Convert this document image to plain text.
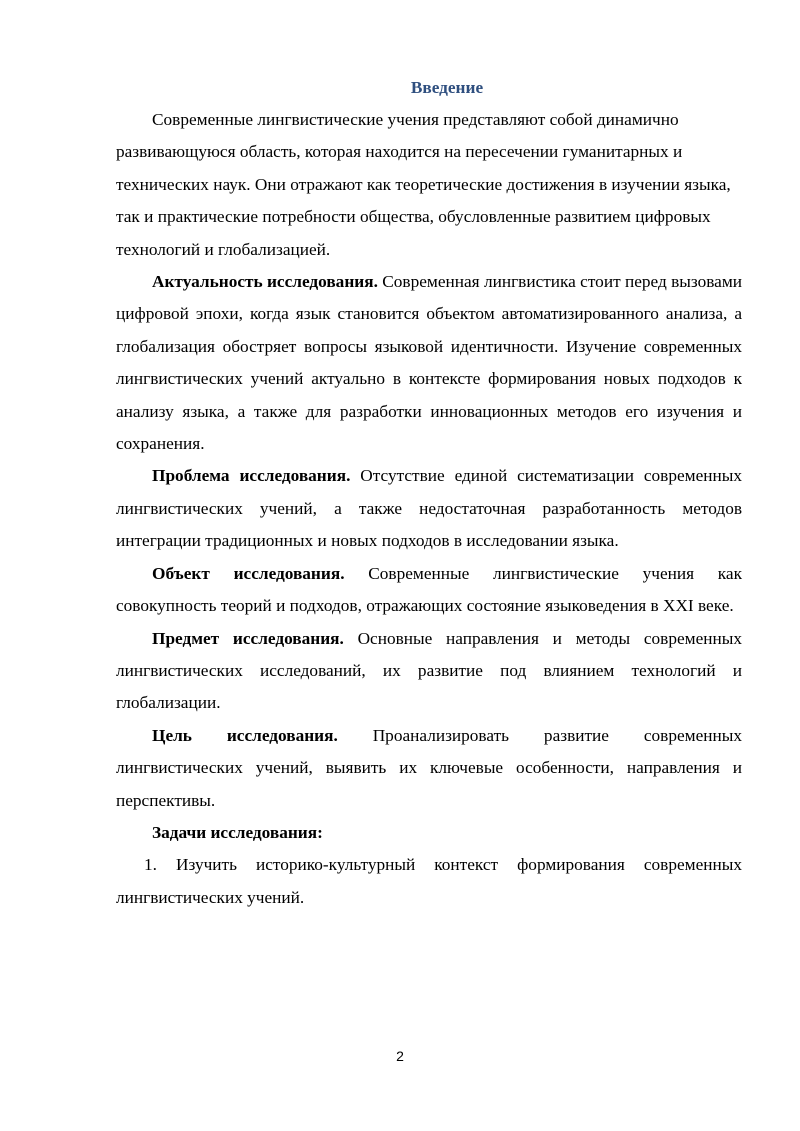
Введение

Современные лингвистические учения представляют собой динамично развивающуюся область, которая находится на пересечении гуманитарных и технических наук. Они отражают как теоретические достижения в изучении языка, так и практические потребности общества, обусловленные развитием цифровых технологий и глобализацией.

Актуальность исследования. Современная лингвистика стоит перед вызовами цифровой эпохи, когда язык становится объектом автоматизированного анализа, а глобализация обостряет вопросы языковой идентичности. Изучение современных лингвистических учений актуально в контексте формирования новых подходов к анализу языка, а также для разработки инновационных методов его изучения и сохранения.

Проблема исследования. Отсутствие единой систематизации современных лингвистических учений, а также недостаточная разработанность методов интеграции традиционных и новых подходов в исследовании языка.

Объект исследования. Современные лингвистические учения как совокупность теорий и подходов, отражающих состояние языковедения в XXI веке.

Предмет исследования. Основные направления и методы современных лингвистических исследований, их развитие под влиянием технологий и глобализации.

Цель исследования. Проанализировать развитие современных лингвистических учений, выявить их ключевые особенности, направления и перспективы.

Задачи исследования:

1. Изучить историко-культурный контекст формирования современных лингвистических учений.

2
